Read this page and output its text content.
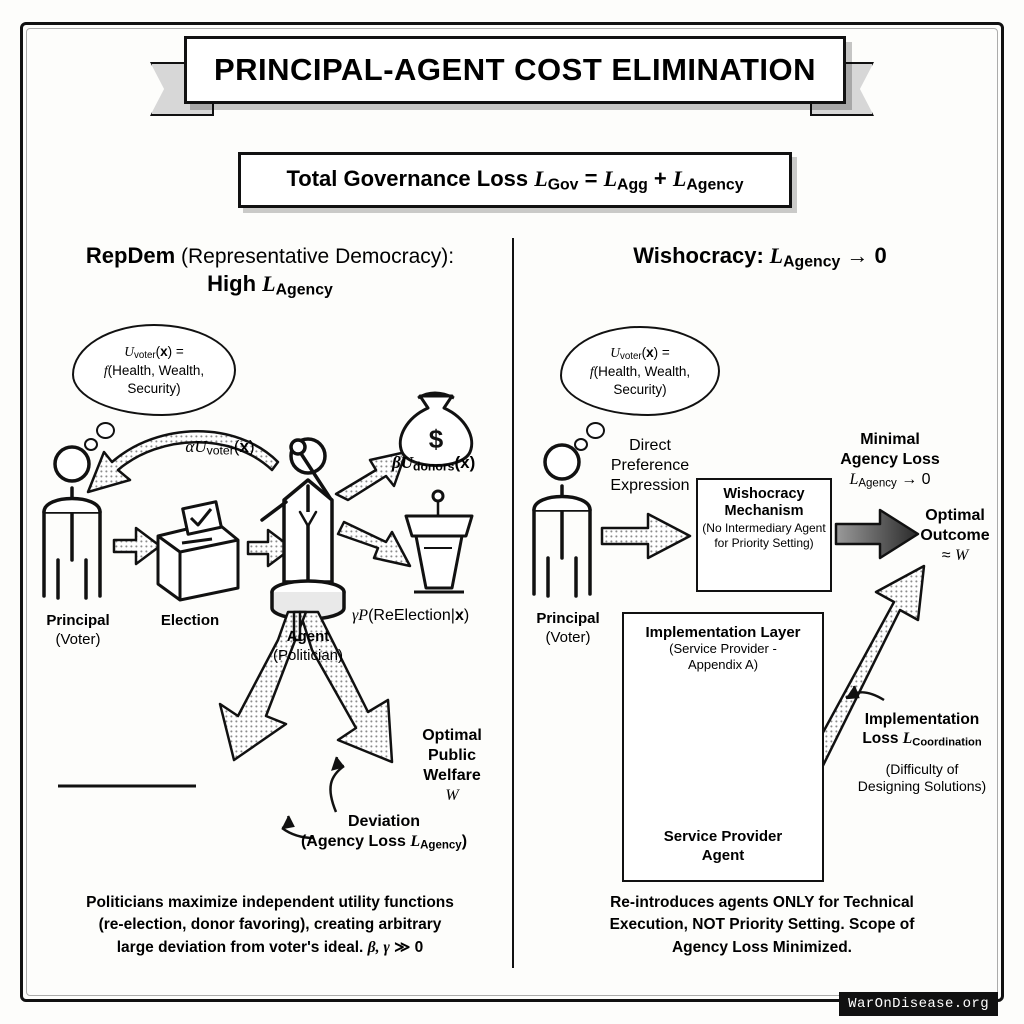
PRINCIPAL-AGENT COST ELIMINATION
Total Governance Loss $L_{Gov} = L_{Agg} + L_{Agency}$
RepDem (Representative Democracy):
High $L_{Agency}$
Wishocracy: $L_{Agency} \to 0$
$
$U_{voter}(x)$ =
f(Health, Wealth, Security)
Principal
(Voter)
Election
Agent
(Politician)
$\alpha U_{voter}(x)$
$\beta U_{donors}(x)$
γP(ReElection|x)
Optimal
Public
Welfare
W
Deviation
(Agency Loss $L_{Agency}$)
Politicians maximize independent utility functions
(re-election, donor favoring), creating arbitrary
large deviation from voter's ideal. β, γ ≫ 0
$U_{voter}(x)$ =
f(Health, Wealth, Security)
Principal
(Voter)
Direct
Preference
Expression	Wishocracy
Mechanism
(No Intermediary Agent for Priority Setting)
Minimal
Agency Loss
$L_{Agency} \to 0$
Optimal
Outcome
≈ W
Implementation Layer
(Service Provider -
Appendix A)
Service Provider
Agent
Implementation
Loss $L_{Coordination}$
(Difficulty of
Designing Solutions)
Re-introduces agents ONLY for Technical
Execution, NOT Priority Setting. Scope of
Agency Loss Minimized.
WarOnDisease.org
